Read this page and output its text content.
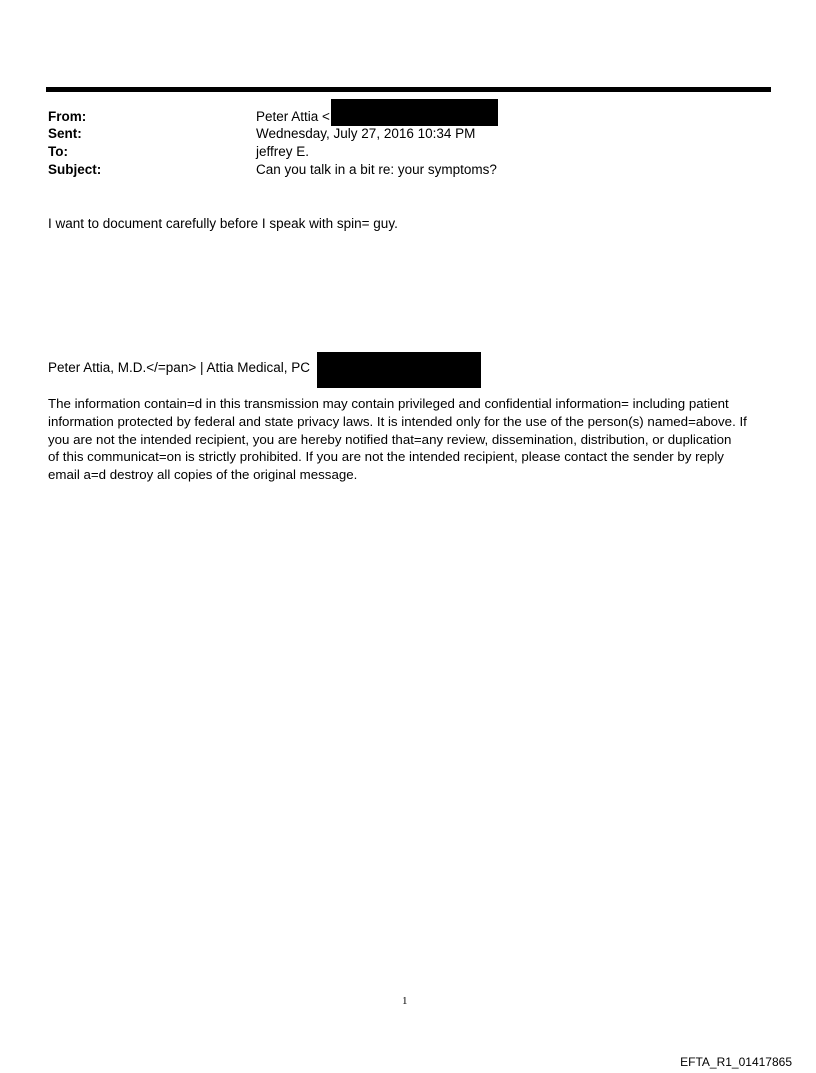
From:	Peter Attia <
Sent:	Wednesday, July 27, 2016 10:34 PM
To:	jeffrey E.
Subject:	Can you talk in a bit re: your symptoms?
I want to document carefully before I speak with spin= guy.
Peter Attia, M.D.</=pan> | Attia Medical, PC
The information contain=d in this transmission may contain privileged and confidential information= including patient
information protected by federal and state privacy laws. It is intended only for the use of the person(s) named=above. If
you are not the intended recipient, you are hereby notified that=any review, dissemination, distribution, or duplication
of this communicat=on is strictly prohibited. If you are not the intended recipient, please contact the sender by reply
email a=d destroy all copies of the original message.
1
EFTA_R1_01417865
